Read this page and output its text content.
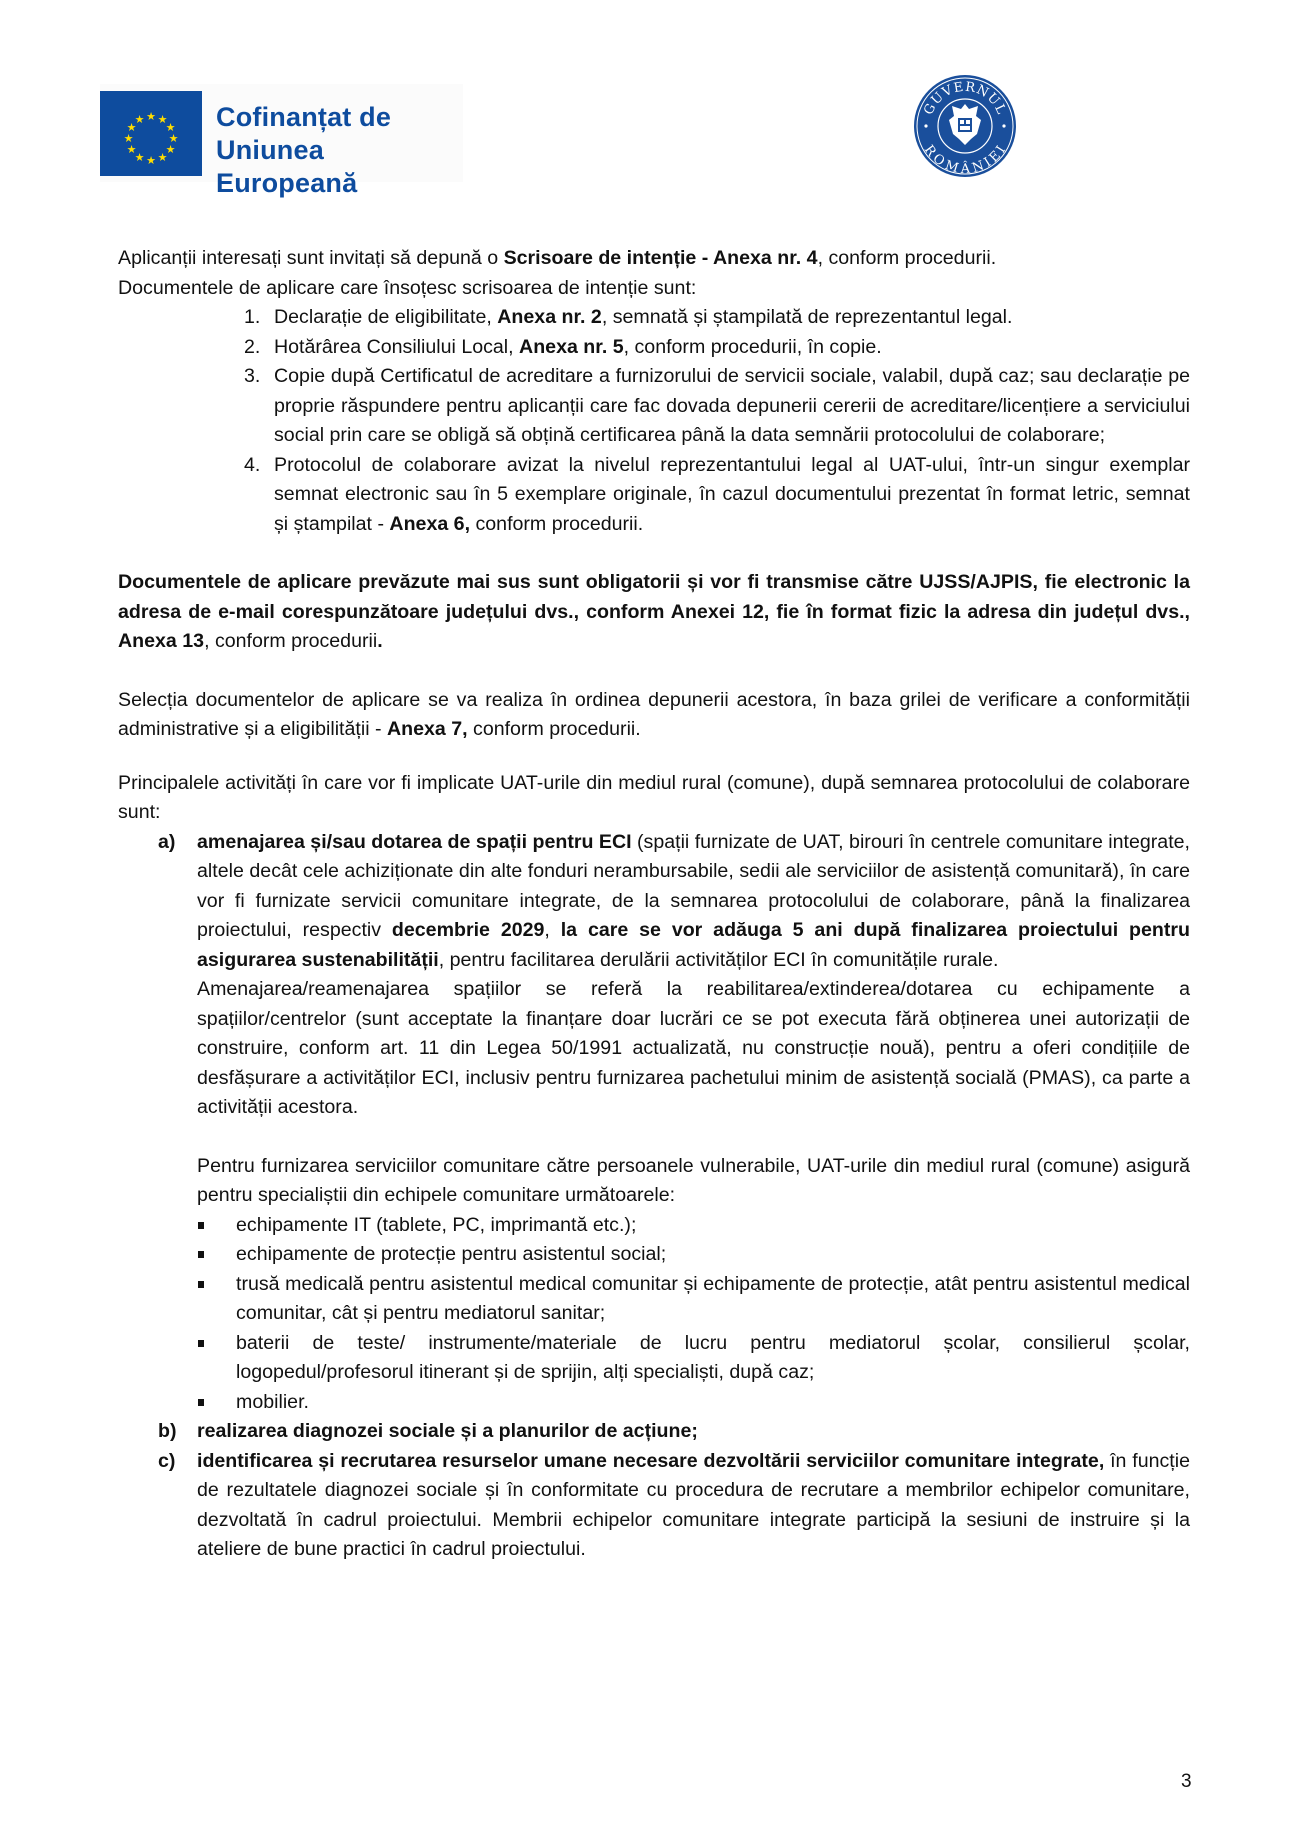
★ ★
★
★
★
★
★
★
★
★
★
★	Cofinanțat de
Uniunea Europeană
GUVERNUL
ROMÂNIEI

Aplicanții interesați sunt invitați să depună o Scrisoare de intenție - Anexa nr. 4, conform procedurii.
Documentele de aplicare care însoțesc scrisoarea de intenție sunt:

1. Declarație de eligibilitate, Anexa nr. 2, semnată și ștampilată de reprezentantul legal.
2. Hotărârea Consiliului Local, Anexa nr. 5, conform procedurii, în copie.
3. Copie după Certificatul de acreditare a furnizorului de servicii sociale, valabil, după caz; sau declarație pe proprie răspundere pentru aplicanții care fac dovada depunerii cererii de acreditare/licențiere a serviciului social prin care se obligă să obțină certificarea până la data semnării protocolului de colaborare;
4. Protocolul de colaborare avizat la nivelul reprezentantului legal al UAT-ului, într-un singur exemplar semnat electronic sau în 5 exemplare originale, în cazul documentului prezentat în format letric, semnat și ștampilat - Anexa 6, conform procedurii.

Documentele de aplicare prevăzute mai sus sunt obligatorii și vor fi transmise către UJSS/AJPIS, fie electronic la adresa de e-mail corespunzătoare județului dvs., conform Anexei 12, fie în format fizic la adresa din județul dvs., Anexa 13, conform procedurii.

Selecția documentelor de aplicare se va realiza în ordinea depunerii acestora, în baza grilei de verificare a conformității administrative și a eligibilității - Anexa 7, conform procedurii.

Principalele activități în care vor fi implicate UAT-urile din mediul rural (comune), după semnarea protocolului de colaborare sunt:

a) amenajarea și/sau dotarea de spații pentru ECI (spații furnizate de UAT, birouri în centrele comunitare integrate, altele decât cele achiziționate din alte fonduri nerambursabile, sedii ale serviciilor de asistență comunitară), în care vor fi furnizate servicii comunitare integrate, de la semnarea protocolului de colaborare, până la finalizarea proiectului, respectiv decembrie 2029, la care se vor adăuga 5 ani după finalizarea proiectului pentru asigurarea sustenabilității, pentru facilitarea derulării activităților ECI în comunitățile rurale.
Amenajarea/reamenajarea spațiilor se referă la reabilitarea/extinderea/dotarea cu echipamente a spațiilor/centrelor (sunt acceptate la finanțare doar lucrări ce se pot executa fără obținerea unei autorizații de construire, conform art. 11 din Legea 50/1991 actualizată, nu construcție nouă), pentru a oferi condițiile de desfășurare a activităților ECI, inclusiv pentru furnizarea pachetului minim de asistență socială (PMAS), ca parte a activității acestora.
Pentru furnizarea serviciilor comunitare către persoanele vulnerabile, UAT-urile din mediul rural (comune) asigură pentru specialiștii din echipele comunitare următoarele:
echipamente IT (tablete, PC, imprimantă etc.);
echipamente de protecție pentru asistentul social;
trusă medicală pentru asistentul medical comunitar și echipamente de protecție, atât pentru asistentul medical comunitar, cât și pentru mediatorul sanitar;
baterii de teste/ instrumente/materiale de lucru pentru mediatorul școlar, consilierul școlar, logopedul/profesorul itinerant și de sprijin, alți specialiști, după caz;
mobilier.
b) realizarea diagnozei sociale și a planurilor de acțiune;
c) identificarea și recrutarea resurselor umane necesare dezvoltării serviciilor comunitare integrate, în funcție de rezultatele diagnozei sociale și în conformitate cu procedura de recrutare a membrilor echipelor comunitare, dezvoltată în cadrul proiectului. Membrii echipelor comunitare integrate participă la sesiuni de instruire și la ateliere de bune practici în cadrul proiectului.
3
